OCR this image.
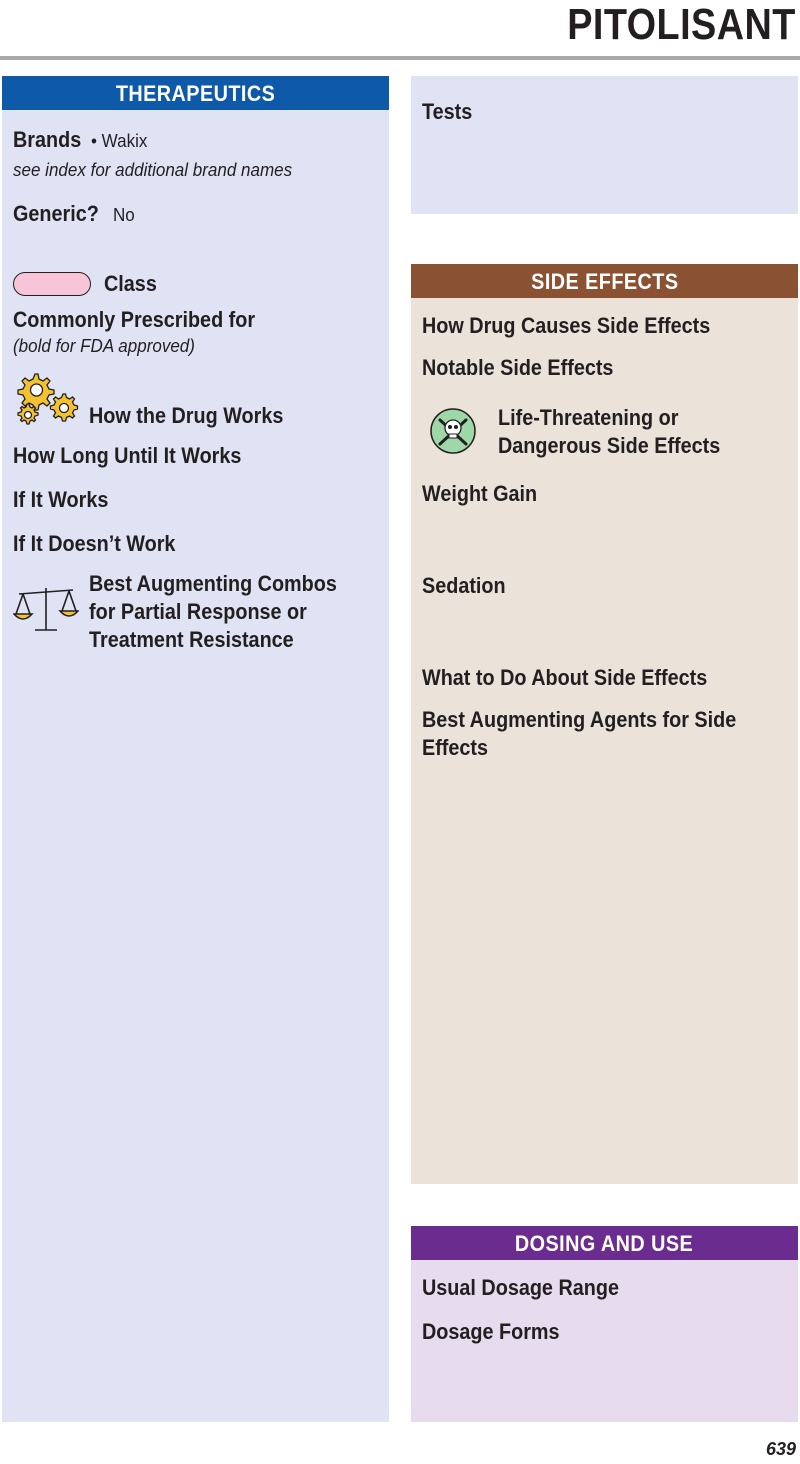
PITOLISANT
THERAPEUTICS
Brands • Wakix
see index for additional brand names
Generic? No
Class
Commonly Prescribed for
(bold for FDA approved)
How the Drug Works
How Long Until It Works
If It Works
If It Doesn’t Work
Best Augmenting Combos
for Partial Response or
Treatment Resistance
Tests
SIDE EFFECTS
How Drug Causes Side Effects
Notable Side Effects
Life-Threatening or
Dangerous Side Effects
Weight Gain
Sedation
What to Do About Side Effects
Best Augmenting Agents for Side
Effects
DOSING AND USE
Usual Dosage Range
Dosage Forms
639
